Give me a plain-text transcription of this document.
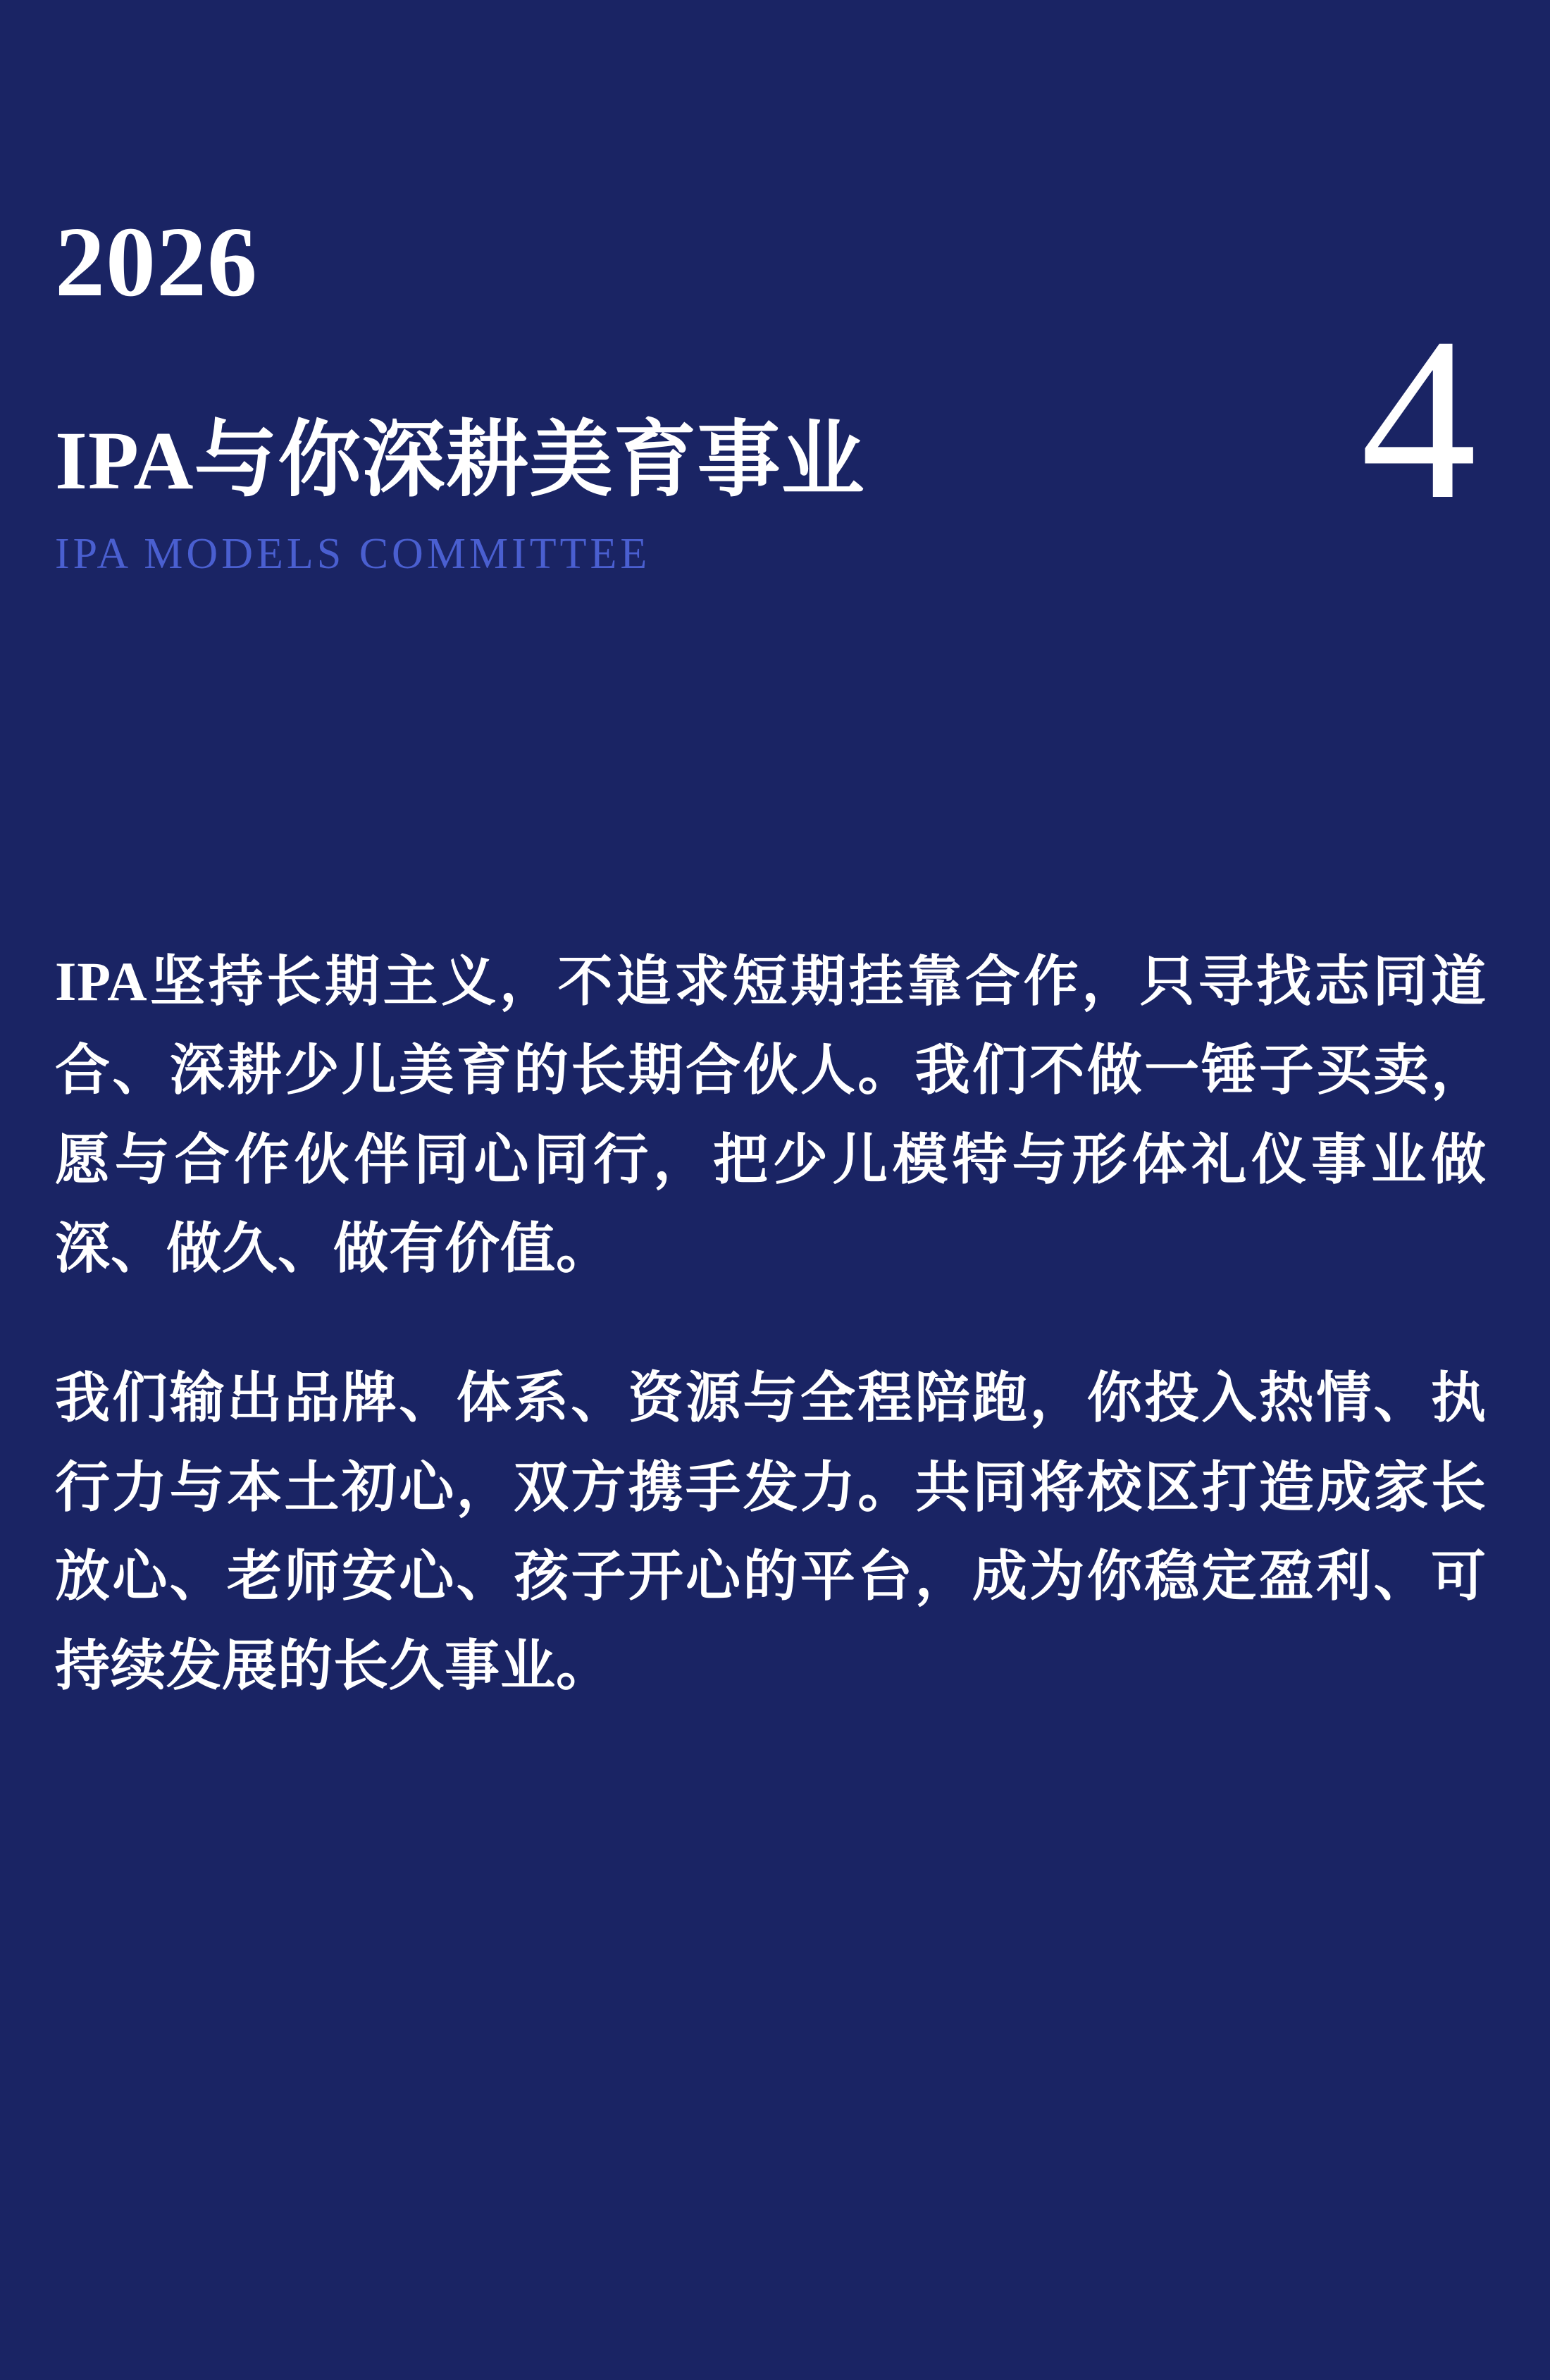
2026
IPA与你深耕美育事业 4
IPA MODELS COMMITTEE

IPA坚持长期主义，不追求短期挂靠合作，只寻找志同道合、深耕少儿美育的长期合伙人。我们不做一锤子买卖，愿与合作伙伴同心同行，把少儿模特与形体礼仪事业做深、做久、做有价值。

我们输出品牌、体系、资源与全程陪跑，你投入热情、执行力与本土初心，双方携手发力。共同将校区打造成家长放心、老师安心、孩子开心的平台，成为你稳定盈利、可持续发展的长久事业。
